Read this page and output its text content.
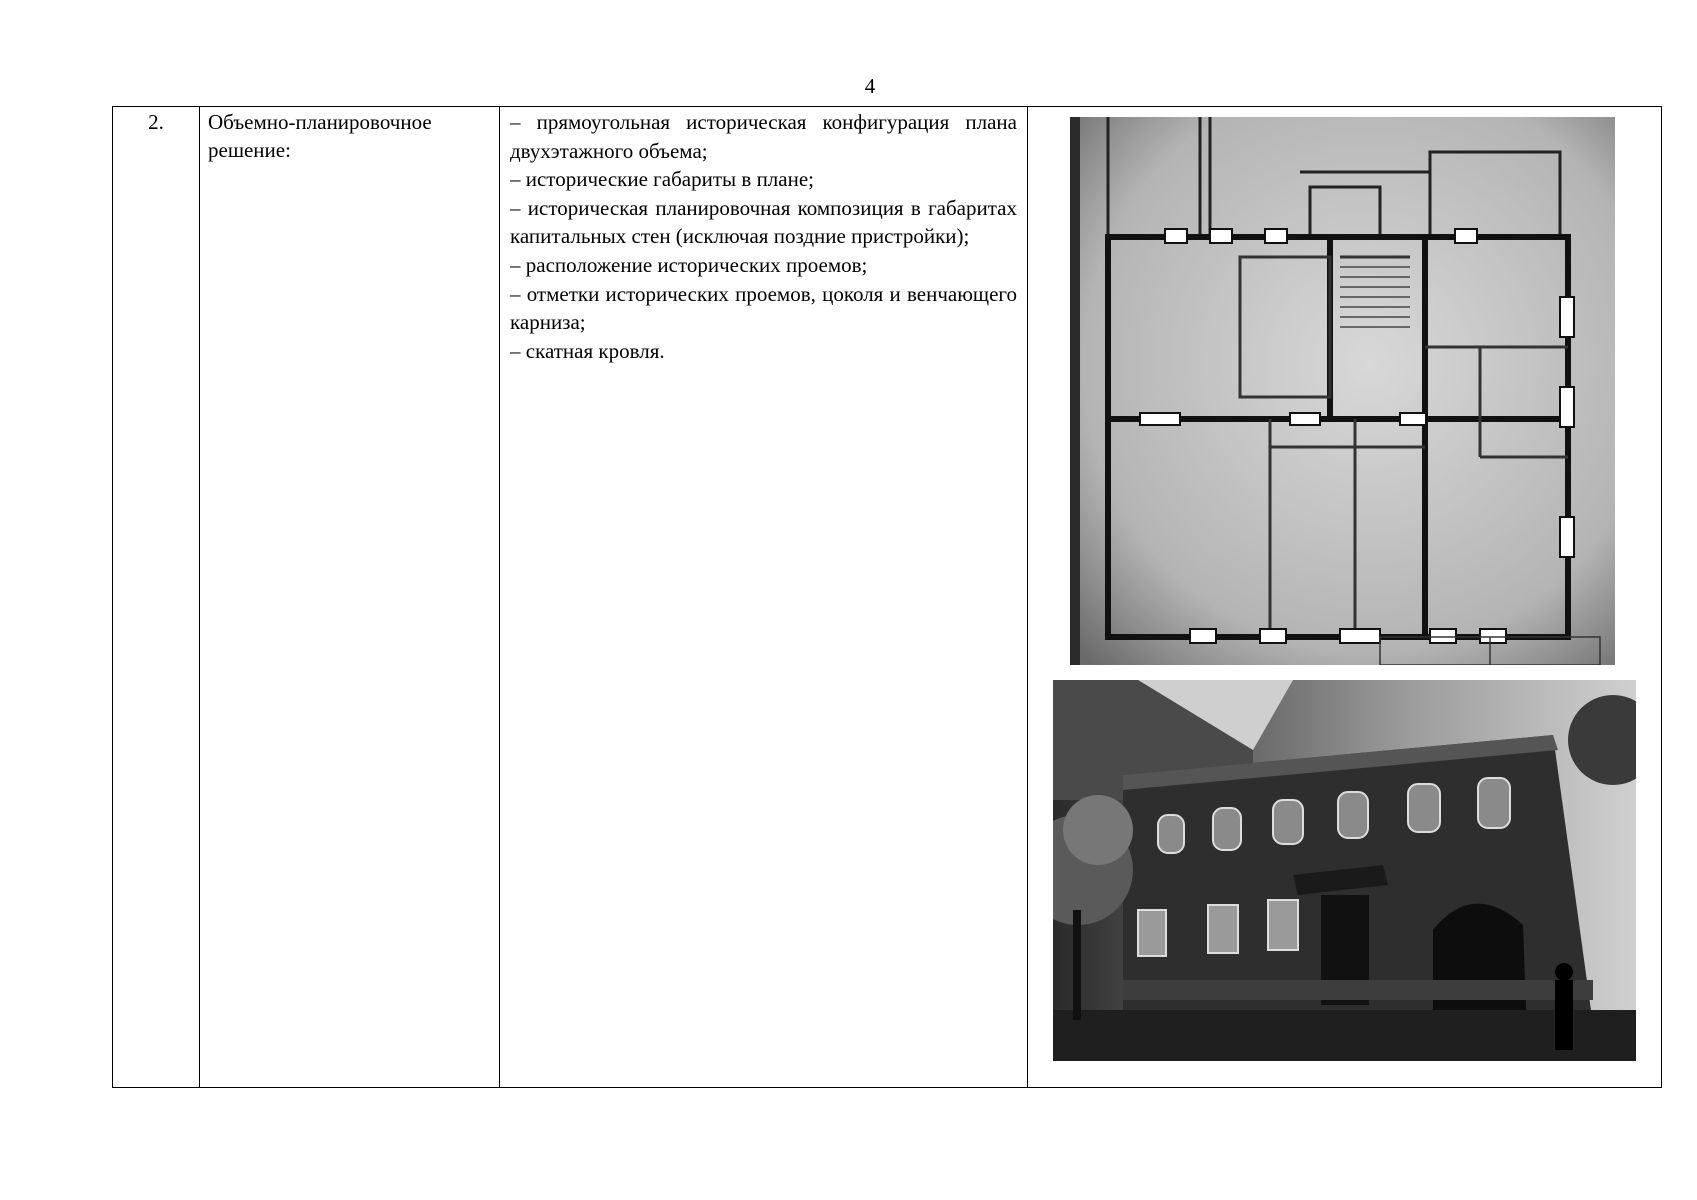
4
2.	Объемно-планировочное решение:
– прямоугольная историческая конфигурация плана двухэтажного объема;
– исторические габариты в плане;
– историческая планировочная композиция в габаритах капитальных стен (исключая поздние пристройки);
– расположение исторических проемов;
– отметки исторических проемов, цоколя и венчающего карниза;
– скатная кровля.
